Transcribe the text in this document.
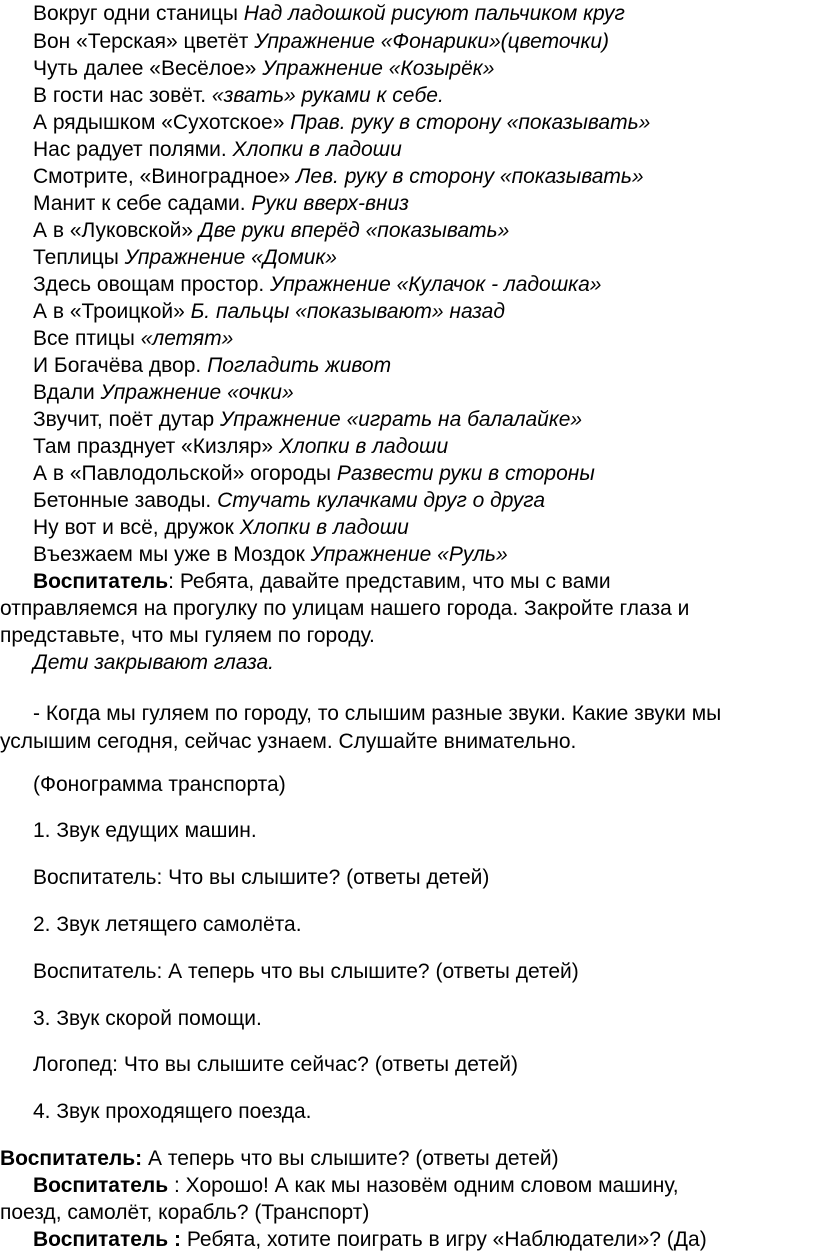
Вокруг одни станицы Над ладошкой рисуют пальчиком круг
Вон «Терская» цветёт Упражнение «Фонарики»(цветочки)
Чуть далее «Весёлое» Упражнение «Козырёк»
В гости нас зовёт. «звать» руками к себе.
А рядышком «Сухотское» Прав. руку в сторону «показывать»
Нас радует полями. Хлопки в ладоши
Смотрите, «Виноградное» Лев. руку в сторону «показывать»
Манит к себе садами. Руки вверх-вниз
А в «Луковской» Две руки вперёд «показывать»
Теплицы Упражнение «Домик»
Здесь овощам простор. Упражнение «Кулачок - ладошка»
А в «Троицкой» Б. пальцы «показывают» назад
Все птицы «летят»
И Богачёва двор. Погладить живот
Вдали Упражнение «очки»
Звучит, поёт дутар Упражнение «играть на балалайке»
Там празднует «Кизляр» Хлопки в ладоши
А в «Павлодольской» огороды Развести руки в стороны
Бетонные заводы. Стучать кулачками друг о друга
Ну вот и всё, дружок Хлопки в ладоши
Въезжаем мы уже в Моздок Упражнение «Руль»
Воспитатель: Ребята, давайте представим, что мы с вами
отправляемся на прогулку по улицам нашего города. Закройте глаза и
представьте, что мы гуляем по городу.
Дети закрывают глаза.
- Когда мы гуляем по городу, то слышим разные звуки. Какие звуки мы
услышим сегодня, сейчас узнаем. Слушайте внимательно.
(Фонограмма транспорта)
1. Звук едущих машин.
Воспитатель: Что вы слышите? (ответы детей)
2. Звук летящего самолёта.
Воспитатель: А теперь что вы слышите? (ответы детей)
3. Звук скорой помощи.
Логопед: Что вы слышите сейчас? (ответы детей)
4. Звук проходящего поезда.
Воспитатель: А теперь что вы слышите? (ответы детей)
Воспитатель : Хорошо! А как мы назовём одним словом машину,
поезд, самолёт, корабль? (Транспорт)
Воспитатель : Ребята, хотите поиграть в игру «Наблюдатели»? (Да)
